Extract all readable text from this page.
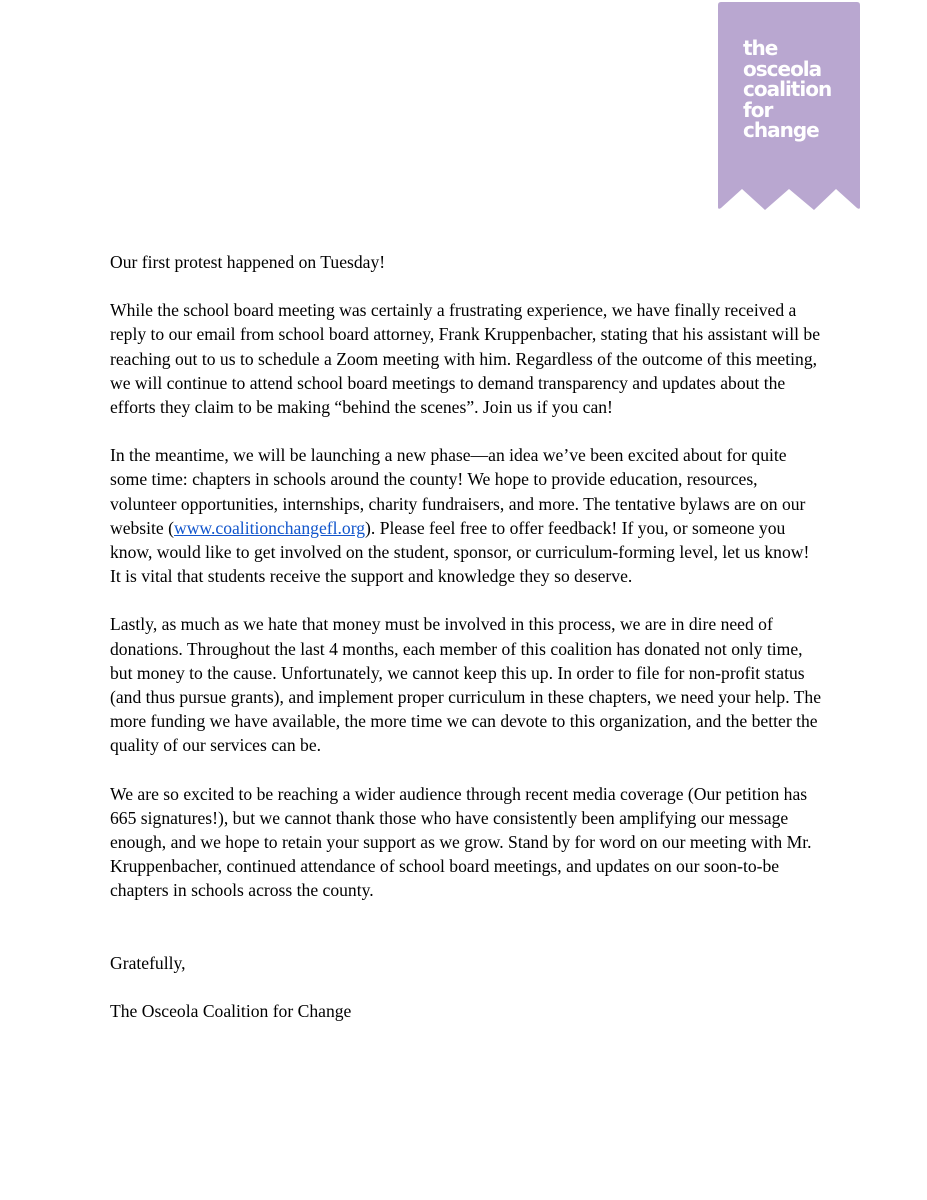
the
osceola
coalition
for
change

Our first protest happened on Tuesday!

While the school board meeting was certainly a frustrating experience, we have finally received a reply to our email from school board attorney, Frank Kruppenbacher, stating that his assistant will be reaching out to us to schedule a Zoom meeting with him. Regardless of the outcome of this meeting, we will continue to attend school board meetings to demand transparency and updates about the efforts they claim to be making “behind the scenes”. Join us if you can!

In the meantime, we will be launching a new phase—an idea we’ve been excited about for quite some time: chapters in schools around the county! We hope to provide education, resources, volunteer opportunities, internships, charity fundraisers, and more. The tentative bylaws are on our website (www.coalitionchangefl.org). Please feel free to offer feedback! If you, or someone you know, would like to get involved on the student, sponsor, or curriculum-forming level, let us know! It is vital that students receive the support and knowledge they so deserve.

Lastly, as much as we hate that money must be involved in this process, we are in dire need of donations. Throughout the last 4 months, each member of this coalition has donated not only time, but money to the cause. Unfortunately, we cannot keep this up. In order to file for non-profit status (and thus pursue grants), and implement proper curriculum in these chapters, we need your help. The more funding we have available, the more time we can devote to this organization, and the better the quality of our services can be.

We are so excited to be reaching a wider audience through recent media coverage (Our petition has 665 signatures!), but we cannot thank those who have consistently been amplifying our message enough, and we hope to retain your support as we grow. Stand by for word on our meeting with Mr. Kruppenbacher, continued attendance of school board meetings, and updates on our soon-to-be chapters in schools across the county.

Gratefully,

The Osceola Coalition for Change
